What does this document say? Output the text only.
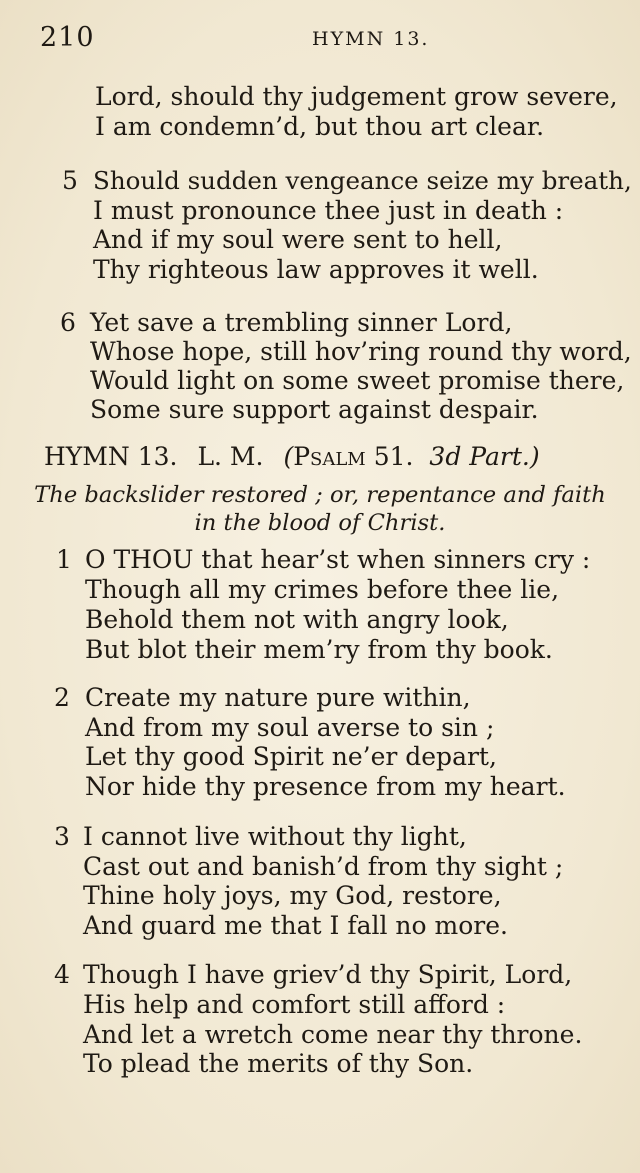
210	HYMN 13.
Lord, should thy judgement grow severe,
I am condemn’d, but thou art clear.
5 Should sudden vengeance seize my breath,
I must pronounce thee just in death :
And if my soul were sent to hell,
Thy righteous law approves it well.
6 Yet save a trembling sinner Lord,
Whose hope, still hov’ring round thy word,
Would light on some sweet promise there,
Some sure support against despair.
HYMN 13. L. M. (Psalm 51. 3d Part.)
The backslider restored ; or, repentance and faith
in the blood of Christ.
1 O THOU that hear’st when sinners cry :
Though all my crimes before thee lie,
Behold them not with angry look,
But blot their mem’ry from thy book.
2 Create my nature pure within,
And from my soul averse to sin ;
Let thy good Spirit ne’er depart,
Nor hide thy presence from my heart.
3 I cannot live without thy light,
Cast out and banish’d from thy sight ;
Thine holy joys, my God, restore,
And guard me that I fall no more.
4 Though I have griev’d thy Spirit, Lord,
His help and comfort still afford :
And let a wretch come near thy throne.
To plead the merits of thy Son.
